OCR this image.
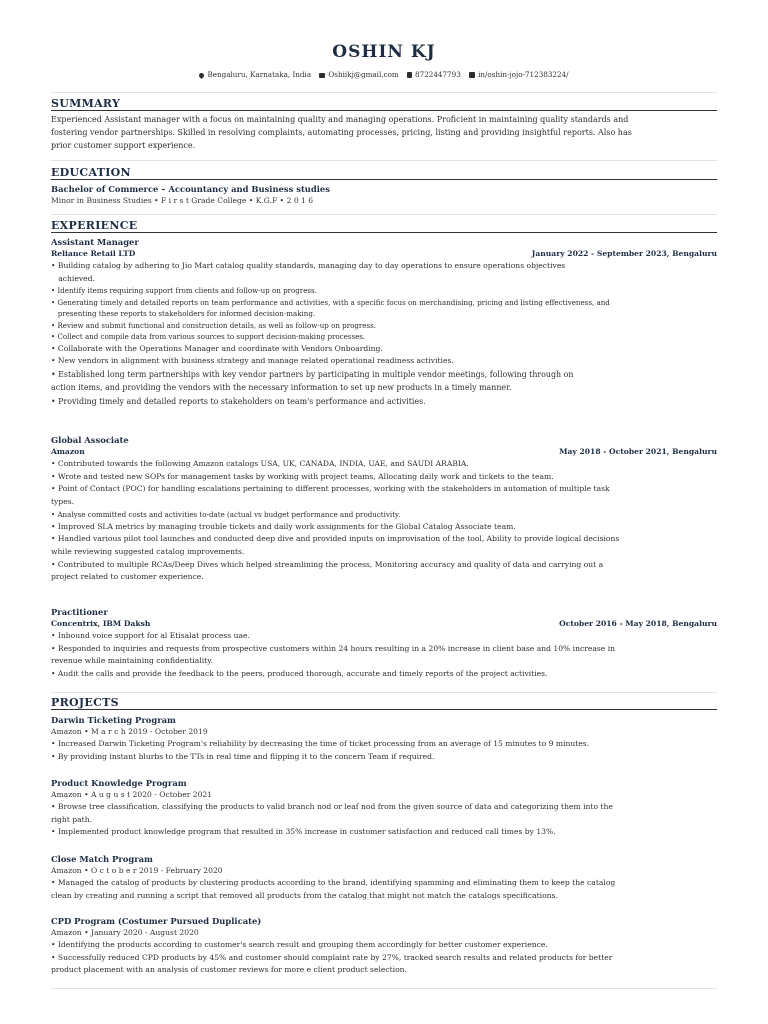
OSHIN KJ
Bengaluru, Karnataka, India Oshiikj@gmail.com 8722447793 in/oshin-jojo-712383224/
SUMMARY
Experienced Assistant manager with a focus on maintaining quality and managing operations. Proficient in maintaining quality standards and
fostering vendor partnerships. Skilled in resolving complaints, automating processes, pricing, listing and providing insightful reports. Also has
prior customer support experience.
EDUCATION
Bachelor of Commerce – Accountancy and Business studies
Minor in Business Studies • F i r s t Grade College • K.G.F • 2 0 1 6
EXPERIENCE
Assistant Manager
Reliance Retail LTD	January 2022 - September 2023, Bengaluru
• Building catalog by adhering to Jio Mart catalog quality standards, managing day to day operations to ensure operations objectives
achieved.
• Identify items requiring support from clients and follow-up on progress.
• Generating timely and detailed reports on team performance and activities, with a specific focus on merchandising, pricing and listing effectiveness, and
presenting these reports to stakeholders for informed decision-making.
• Review and submit functional and construction details, as well as follow-up on progress.
• Collect and compile data from various sources to support decision-making processes.
• Collaborate with the Operations Manager and coordinate with Vendors Onboarding.
• New vendors in alignment with business strategy and manage related operational readiness activities.
• Established long term partnerships with key vendor partners by participating in multiple vendor meetings, following through on
action items, and providing the vendors with the necessary information to set up new products in a timely manner.
• Providing timely and detailed reports to stakeholders on team's performance and activities.
Global Associate
Amazon	May 2018 - October 2021, Bengaluru
• Contributed towards the following Amazon catalogs USA, UK, CANADA, INDIA, UAE, and SAUDI ARABIA.
• Wrote and tested new SOPs for management tasks by working with project teams, Allocating daily work and tickets to the team.
• Point of Contact (POC) for handling escalations pertaining to different processes, working with the stakeholders in automation of multiple task
types.
• Analyse committed costs and activities to-date (actual vs budget performance and productivity.
• Improved SLA metrics by managing trouble tickets and daily work assignments for the Global Catalog Associate team.
• Handled various pilot tool launches and conducted deep dive and provided inputs on improvisation of the tool, Ability to provide logical decisions
while reviewing suggested catalog improvements.
• Contributed to multiple RCAs/Deep Dives which helped streamlining the process, Monitoring accuracy and quality of data and carrying out a
project related to customer experience.
Practitioner
Concentrix, IBM Daksh	October 2016 - May 2018, Bengaluru
• Inbound voice support for al Etisalat process uae.
• Responded to inquiries and requests from prospective customers within 24 hours resulting in a 20% increase in client base and 10% increase in
revenue while maintaining confidentiality.
• Audit the calls and provide the feedback to the peers, produced thorough, accurate and timely reports of the project activities.
PROJECTS
Darwin Ticketing Program
Amazon • M a r c h 2019 - October 2019
• Increased Darwin Ticketing Program's reliability by decreasing the time of ticket processing from an average of 15 minutes to 9 minutes.
• By providing instant blurbs to the TTs in real time and flipping it to the concern Team if required.
Product Knowledge Program
Amazon • A u g u s t 2020 - October 2021
• Browse tree classification, classifying the products to valid branch nod or leaf nod from the given source of data and categorizing them into the
right path.
• Implemented product knowledge program that resulted in 35% increase in customer satisfaction and reduced call times by 13%.
Close Match Program
Amazon • O c t o b e r 2019 - February 2020
• Managed the catalog of products by clustering products according to the brand, identifying spamming and eliminating them to keep the catalog
clean by creating and running a script that removed all products from the catalog that might not match the catalogs specifications.
CPD Program (Costumer Pursued Duplicate)
Amazon • January 2020 - August 2020
• Identifying the products according to customer's search result and grouping them accordingly for better customer experience.
• Successfully reduced CPD products by 45% and customer should complaint rate by 27%, tracked search results and related products for better
product placement with an analysis of customer reviews for more e client product selection.
